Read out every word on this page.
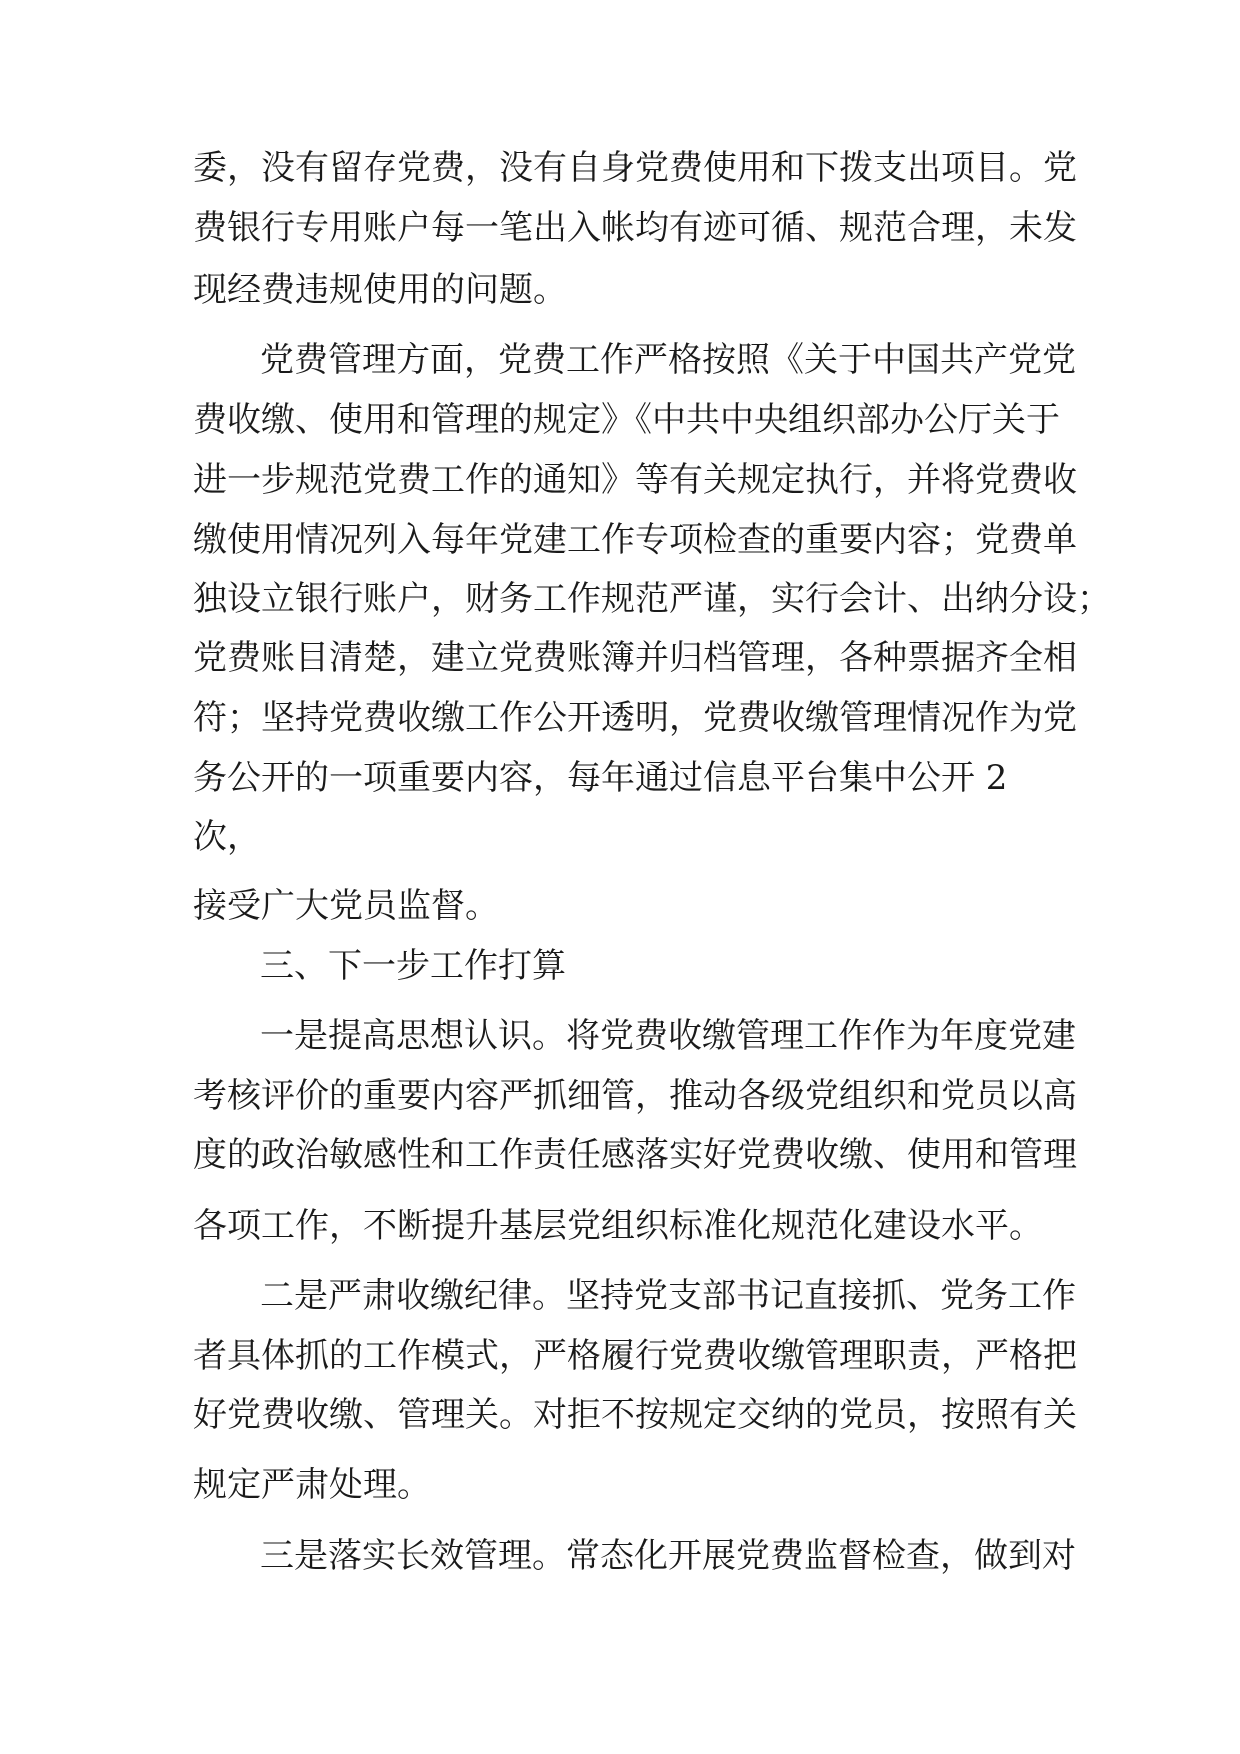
委，没有留存党费，没有自身党费使用和下拨支出项目。党
费银行专用账户每一笔出入帐均有迹可循、规范合理，未发
现经费违规使用的问题。
党费管理方面，党费工作严格按照《关于中国共产党党
费收缴、使用和管理的规定》《中共中央组织部办公厅关于
进一步规范党费工作的通知》等有关规定执行，并将党费收
缴使用情况列入每年党建工作专项检查的重要内容；党费单
独设立银行账户，财务工作规范严谨，实行会计、出纳分设；
党费账目清楚，建立党费账簿并归档管理，各种票据齐全相
符；坚持党费收缴工作公开透明，党费收缴管理情况作为党
务公开的一项重要内容，每年通过信息平台集中公开 2
次，
接受广大党员监督。
三、下一步工作打算
一是提高思想认识。将党费收缴管理工作作为年度党建
考核评价的重要内容严抓细管，推动各级党组织和党员以高
度的政治敏感性和工作责任感落实好党费收缴、使用和管理
各项工作，不断提升基层党组织标准化规范化建设水平。
二是严肃收缴纪律。坚持党支部书记直接抓、党务工作
者具体抓的工作模式，严格履行党费收缴管理职责，严格把
好党费收缴、管理关。对拒不按规定交纳的党员，按照有关
规定严肃处理。
三是落实长效管理。常态化开展党费监督检查，做到对
